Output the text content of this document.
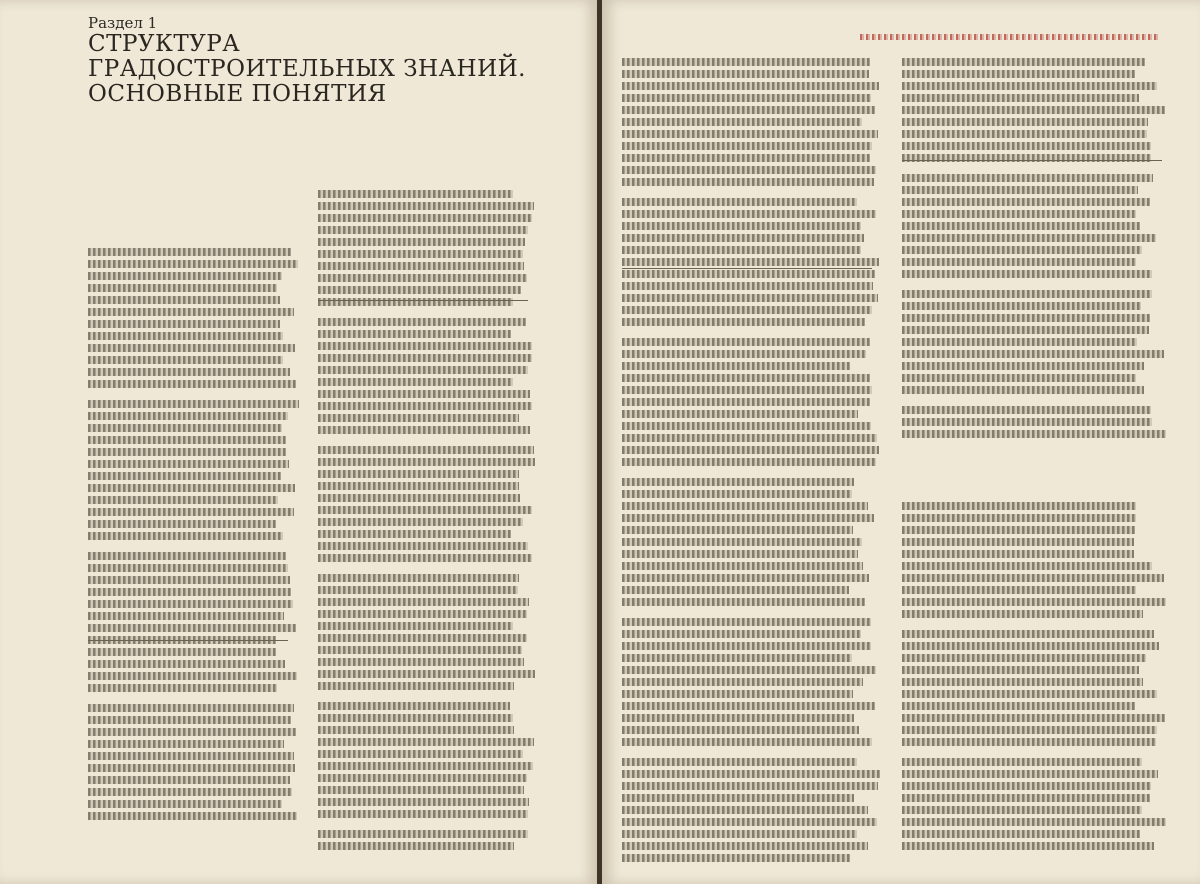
Раздел 1
СТРУКТУРА ГРАДОСТРОИТЕЛЬНЫХ ЗНАНИЙ. ОСНОВНЫЕ ПОНЯТИЯ
